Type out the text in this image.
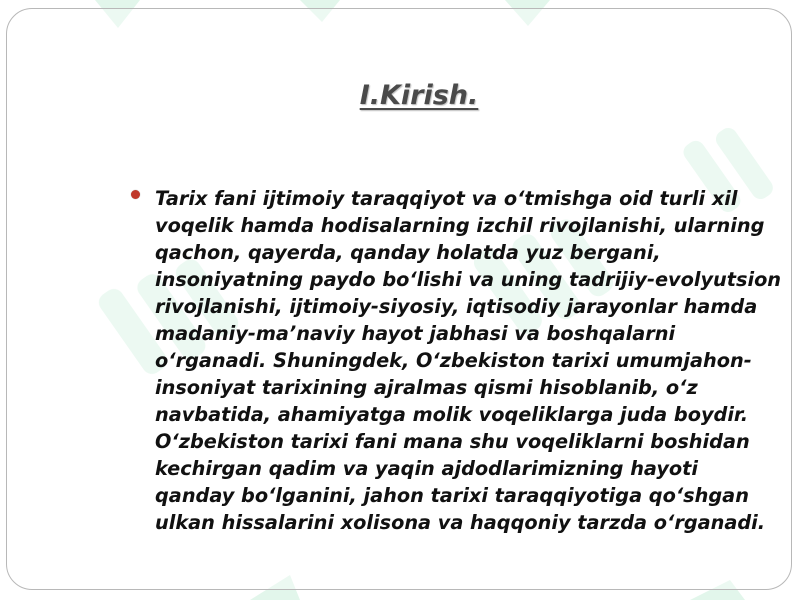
I.Kirish.

Tarix fani ijtimoiy taraqqiyot va o‘tmishga oid turli xil
voqelik hamda hodisalarning izchil rivojlanishi, ularning
qachon, qayerda, qanday holatda yuz bergani,
insoniyatning paydo bo‘lishi va uning tadrijiy-evolyutsion
rivojlanishi, ijtimoiy-siyosiy, iqtisodiy jarayonlar hamda
madaniy-ma’naviy hayot jabhasi va boshqalarni
o‘rganadi. Shuningdek, O‘zbekiston tarixi umumjahon-
insoniyat tarixining ajralmas qismi hisoblanib, o‘z
navbatida, ahamiyatga molik voqeliklarga juda boydir.
O‘zbekiston tarixi fani mana shu voqeliklarni boshidan
kechirgan qadim va yaqin ajdodlarimizning hayoti
qanday bo‘lganini, jahon tarixi taraqqiyotiga qo‘shgan
ulkan hissalarini xolisona va haqqoniy tarzda o‘rganadi.
